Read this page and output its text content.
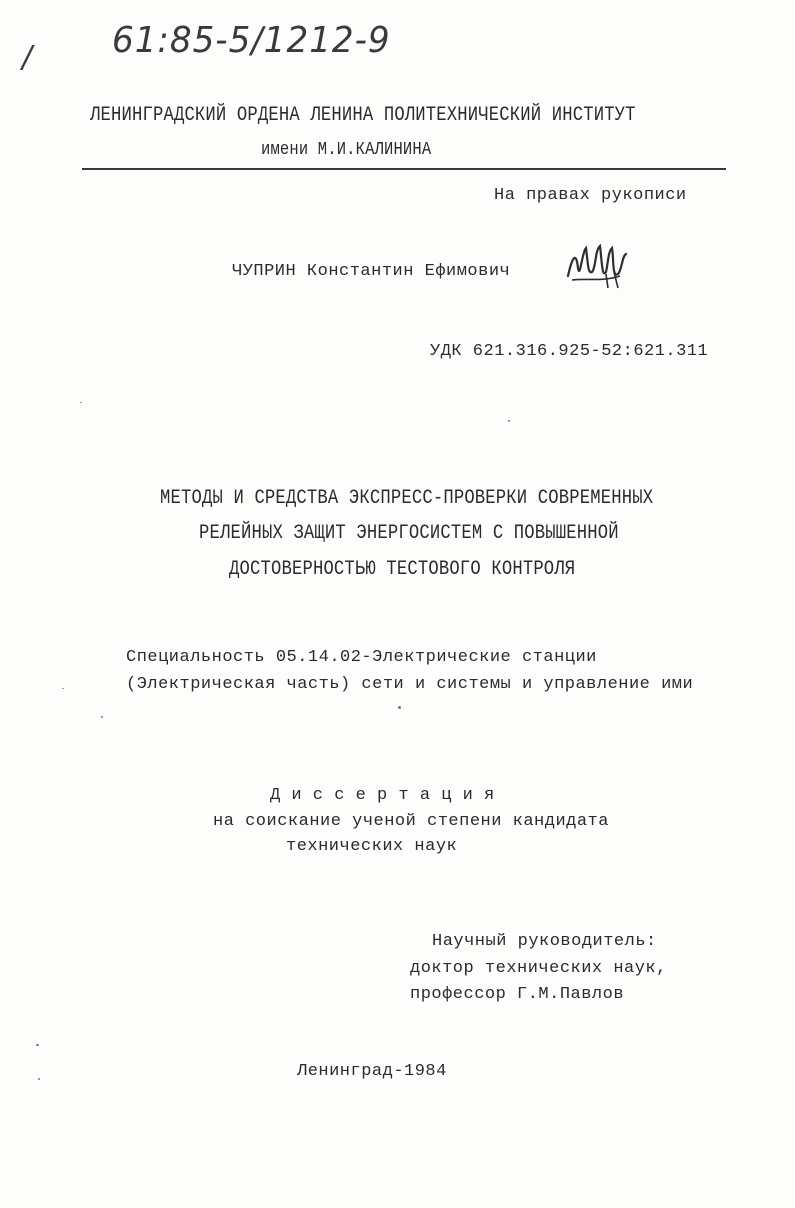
/ 61:85-5/1212-9
ЛЕНИНГРАДСКИЙ ОРДЕНА ЛЕНИНА ПОЛИТЕХНИЧЕСКИЙ ИНСТИТУТ
имени М.И.КАЛИНИНА
На правах рукописи
ЧУПРИН Константин Ефимович
УДК 621.316.925-52:621.311
МЕТОДЫ И СРЕДСТВА ЭКСПРЕСС-ПРОВЕРКИ СОВРЕМЕННЫХ
РЕЛЕЙНЫХ ЗАЩИТ ЭНЕРГОСИСТЕМ С ПОВЫШЕННОЙ
ДОСТОВЕРНОСТЬЮ ТЕСТОВОГО КОНТРОЛЯ
Специальность 05.14.02-Электрические станции
(Электрическая часть) сети и системы и управление ими
Д и с с е р т а ц и я
на соискание ученой степени кандидата
технических наук
Научный руководитель:
доктор технических наук,
профессор Г.М.Павлов
Ленинград-1984
